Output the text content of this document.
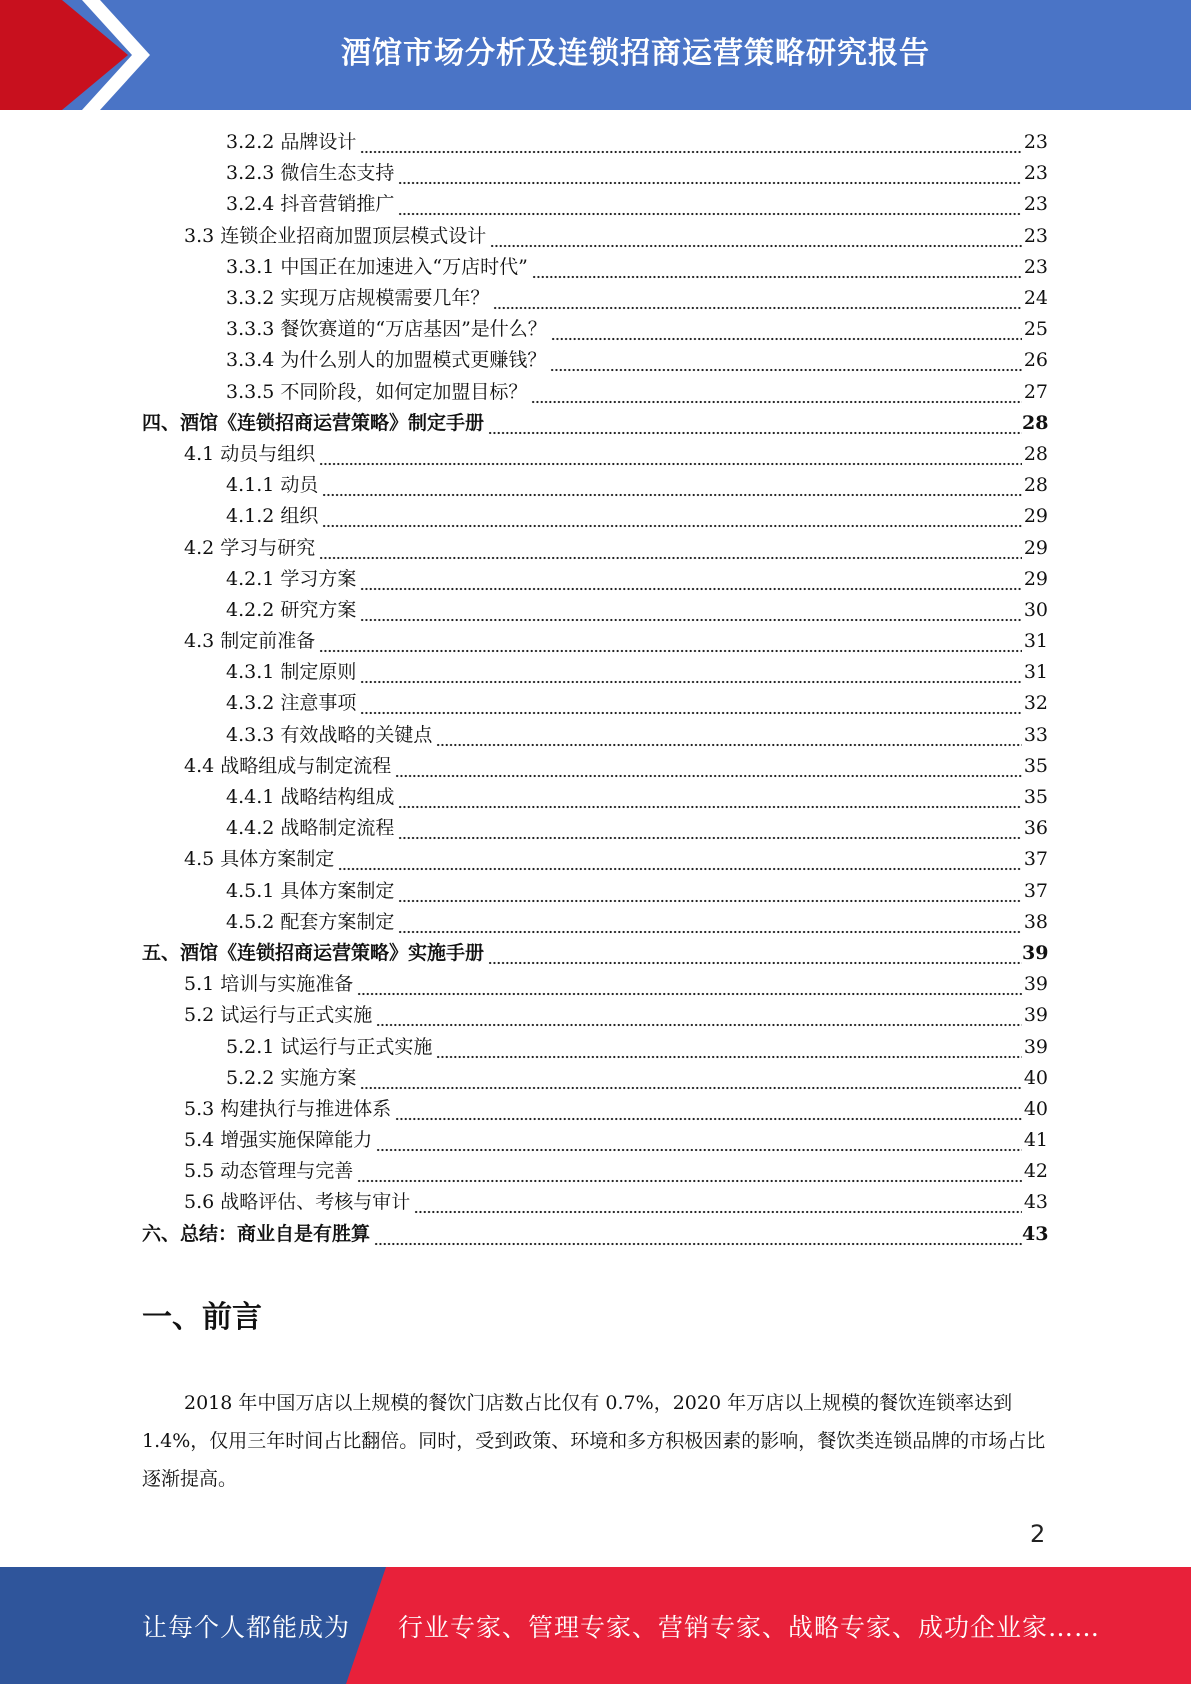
酒馆市场分析及连锁招商运营策略研究报告
3.2.2 品牌设计	23
3.2.3 微信生态支持	23
3.2.4 抖音营销推广	23
3.3 连锁企业招商加盟顶层模式设计	23
3.3.1 中国正在加速进入“万店时代”	23
3.3.2 实现万店规模需要几年？	24
3.3.3 餐饮赛道的“万店基因”是什么？	25
3.3.4 为什么别人的加盟模式更赚钱？	26
3.3.5 不同阶段，如何定加盟目标？	27
四、酒馆《连锁招商运营策略》制定手册	28
4.1 动员与组织	28
4.1.1 动员	28
4.1.2 组织	29
4.2 学习与研究	29
4.2.1 学习方案	29
4.2.2 研究方案	30
4.3 制定前准备	31
4.3.1 制定原则	31
4.3.2 注意事项	32
4.3.3 有效战略的关键点	33
4.4 战略组成与制定流程	35
4.4.1 战略结构组成	35
4.4.2 战略制定流程	36
4.5 具体方案制定	37
4.5.1 具体方案制定	37
4.5.2 配套方案制定	38
五、酒馆《连锁招商运营策略》实施手册	39
5.1 培训与实施准备	39
5.2 试运行与正式实施	39
5.2.1 试运行与正式实施	39
5.2.2 实施方案	40
5.3 构建执行与推进体系	40
5.4 增强实施保障能力	41
5.5 动态管理与完善	42
5.6 战略评估、考核与审计	43
六、总结：商业自是有胜算	43
一、前言

2018 年中国万店以上规模的餐饮门店数占比仅有 0.7%，2020 年万店以上规模的餐饮连锁率达到 1.4%，仅用三年时间占比翻倍。同时，受到政策、环境和多方积极因素的影响，餐饮类连锁品牌的市场占比逐渐提高。

2
让每个人都能成为 行业专家、管理专家、营销专家、战略专家、成功企业家……
